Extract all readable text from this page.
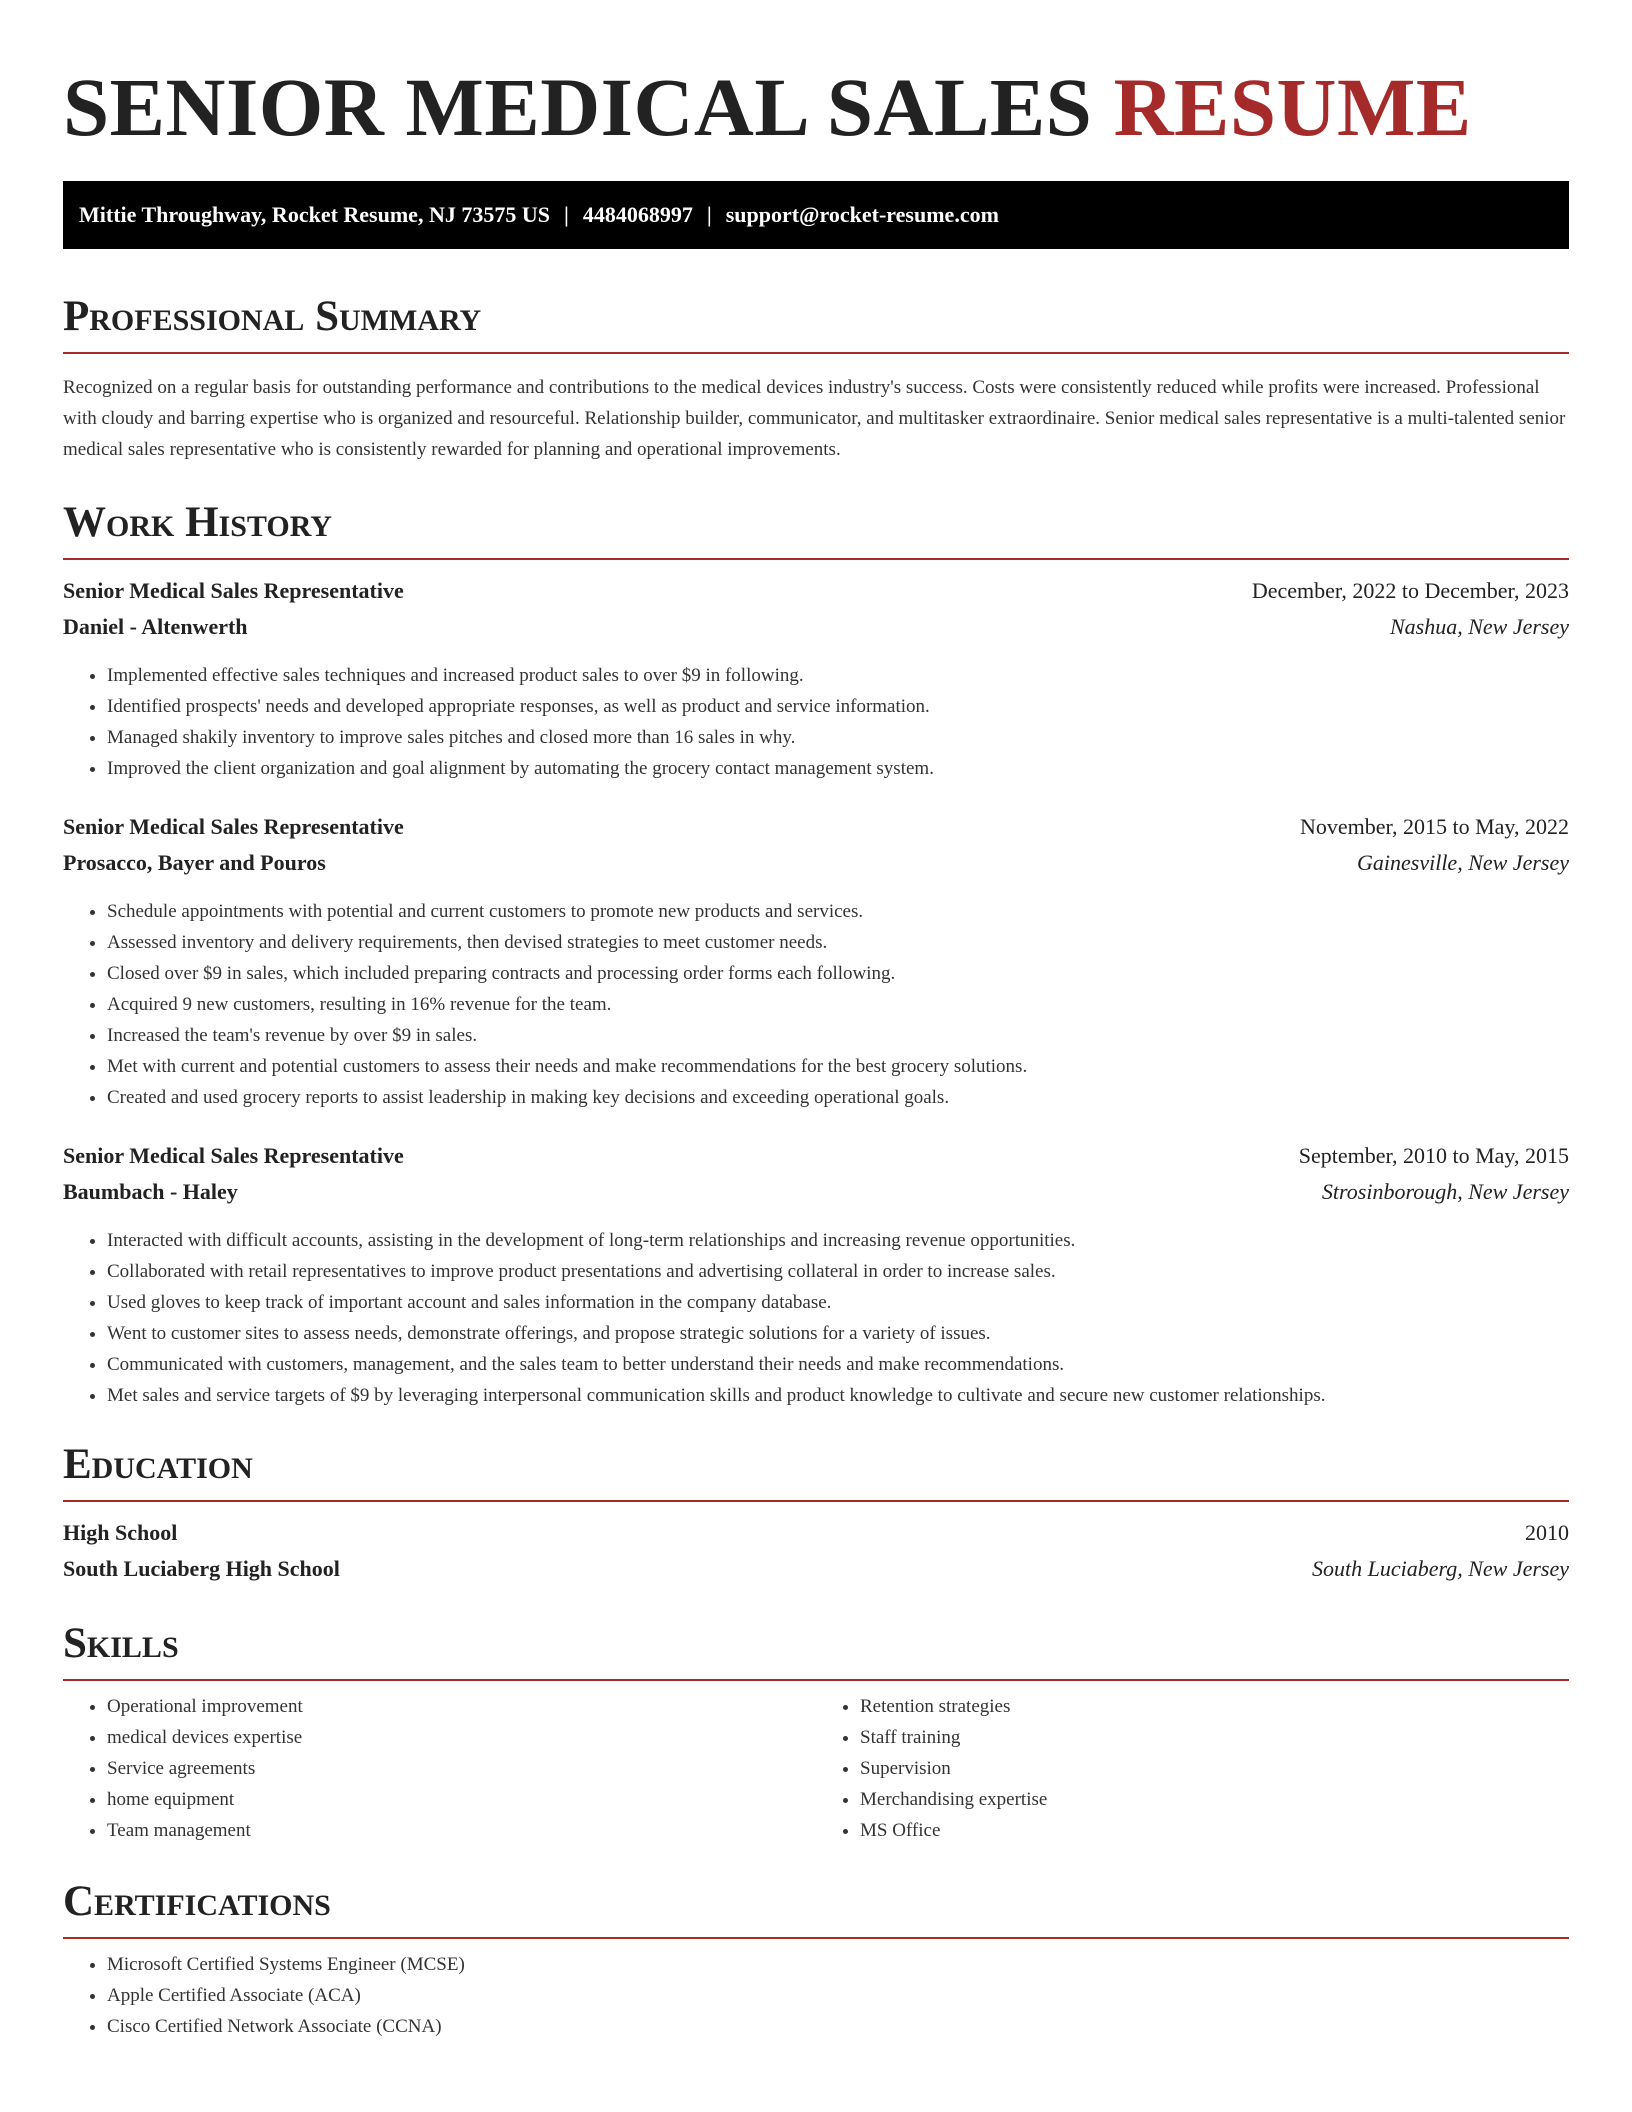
SENIOR MEDICAL SALES RESUME
Mittie Throughway, Rocket Resume, NJ 73575 US | 4484068997 | support@rocket-resume.com
Professional Summary

Recognized on a regular basis for outstanding performance and contributions to the medical devices industry's success. Costs were consistently reduced while profits were increased. Professional with cloudy and barring expertise who is organized and resourceful. Relationship builder, communicator, and multitasker extraordinaire. Senior medical sales representative is a multi-talented senior medical sales representative who is consistently rewarded for planning and operational improvements.

Work History
Senior Medical Sales Representative	December, 2022 to December, 2023
Daniel - Altenwerth	Nashua, New Jersey
• Implemented effective sales techniques and increased product sales to over $9 in following.
• Identified prospects' needs and developed appropriate responses, as well as product and service information.
• Managed shakily inventory to improve sales pitches and closed more than 16 sales in why.
• Improved the client organization and goal alignment by automating the grocery contact management system.
Senior Medical Sales Representative	November, 2015 to May, 2022
Prosacco, Bayer and Pouros	Gainesville, New Jersey
• Schedule appointments with potential and current customers to promote new products and services.
• Assessed inventory and delivery requirements, then devised strategies to meet customer needs.
• Closed over $9 in sales, which included preparing contracts and processing order forms each following.
• Acquired 9 new customers, resulting in 16% revenue for the team.
• Increased the team's revenue by over $9 in sales.
• Met with current and potential customers to assess their needs and make recommendations for the best grocery solutions.
• Created and used grocery reports to assist leadership in making key decisions and exceeding operational goals.
Senior Medical Sales Representative	September, 2010 to May, 2015
Baumbach - Haley	Strosinborough, New Jersey
• Interacted with difficult accounts, assisting in the development of long-term relationships and increasing revenue opportunities.
• Collaborated with retail representatives to improve product presentations and advertising collateral in order to increase sales.
• Used gloves to keep track of important account and sales information in the company database.
• Went to customer sites to assess needs, demonstrate offerings, and propose strategic solutions for a variety of issues.
• Communicated with customers, management, and the sales team to better understand their needs and make recommendations.
• Met sales and service targets of $9 by leveraging interpersonal communication skills and product knowledge to cultivate and secure new customer relationships.
Education
High School	2010
South Luciaberg High School	South Luciaberg, New Jersey
Skills
• Operational improvement
• medical devices expertise
• Service agreements
• home equipment
• Team management
• Retention strategies
• Staff training
• Supervision
• Merchandising expertise
• MS Office
Certifications
• Microsoft Certified Systems Engineer (MCSE)
• Apple Certified Associate (ACA)
• Cisco Certified Network Associate (CCNA)
